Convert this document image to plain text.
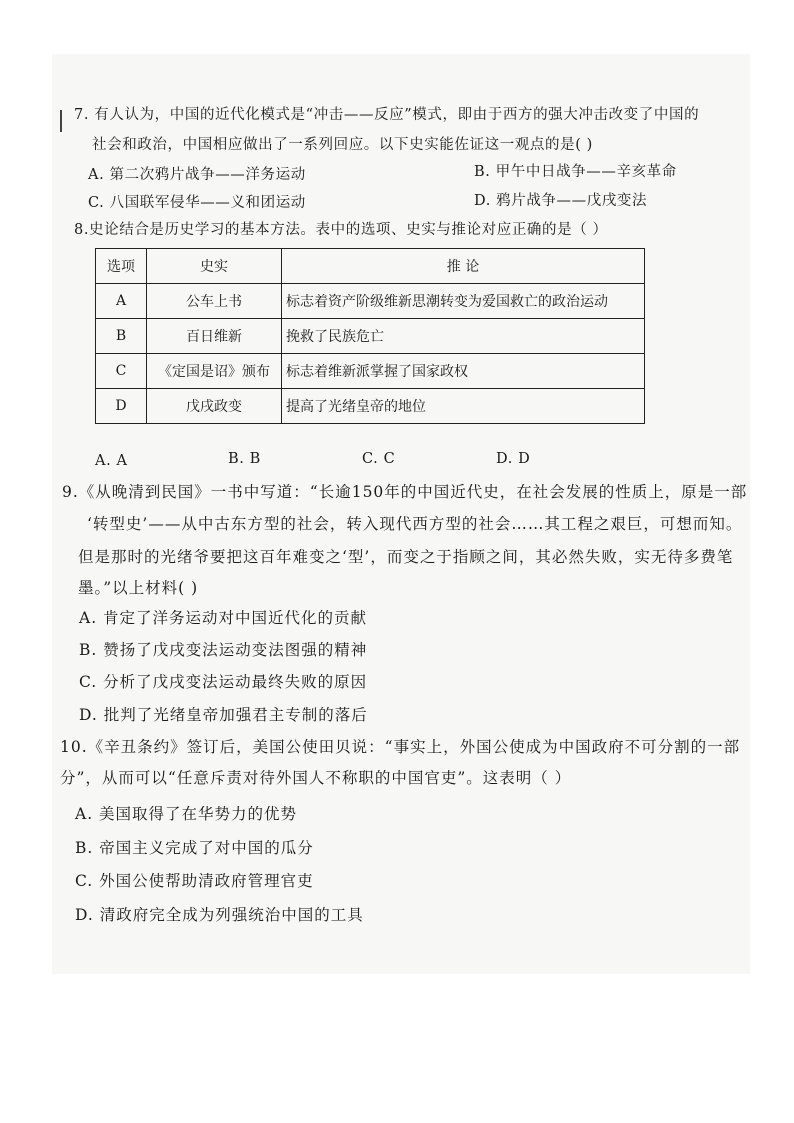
7. 有人认为，中国的近代化模式是“冲击——反应”模式，即由于西方的强大冲击改变了中国的
社会和政治，中国相应做出了一系列回应。以下史实能佐证这一观点的是( )
A. 第二次鸦片战争——洋务运动	B. 甲午中日战争——辛亥革命
C. 八国联军侵华——义和团运动	D. 鸦片战争——戊戌变法
8.史论结合是历史学习的基本方法。表中的选项、史实与推论对应正确的是（ ）
选项	史实	推 论
A	公车上书	标志着资产阶级维新思潮转变为爱国救亡的政治运动
B	百日维新	挽救了民族危亡
C	《定国是诏》颁布	标志着维新派掌握了国家政权
D	戊戌政变	提高了光绪皇帝的地位
A. A	B. B	C. C	D. D
9.《从晚清到民国》一书中写道：“长逾150年的中国近代史，在社会发展的性质上，原是一部
‘转型史’——从中古东方型的社会，转入现代西方型的社会……其工程之艰巨，可想而知。
但是那时的光绪爷要把这百年难变之‘型’，而变之于指顾之间，其必然失败，实无待多费笔
墨。”以上材料( )
A. 肯定了洋务运动对中国近代化的贡献
B. 赞扬了戊戌变法运动变法图强的精神
C. 分析了戊戌变法运动最终失败的原因
D. 批判了光绪皇帝加强君主专制的落后
10.《辛丑条约》签订后，美国公使田贝说：“事实上，外国公使成为中国政府不可分割的一部
分”，从而可以“任意斥责对待外国人不称职的中国官吏”。这表明（ ）
A. 美国取得了在华势力的优势
B. 帝国主义完成了对中国的瓜分
C. 外国公使帮助清政府管理官吏
D. 清政府完全成为列强统治中国的工具
